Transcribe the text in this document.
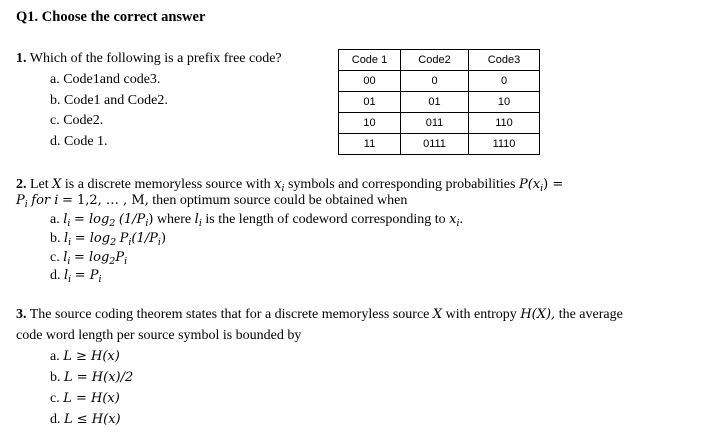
Q1. Choose the correct answer
1. Which of the following is a prefix free code?
a. Code1and code3.
b. Code1 and Code2.
c. Code2.
d. Code 1.
Code 1	Code2	Code3
00	0	0
01	01	10
10	011	110
11	0111	1110
2. Let X is a discrete memoryless source with $x_i$ symbols and corresponding probabilities $P(x_i)$ =
$P_i$ for i = 1,2, … , M, then optimum source could be obtained when
a. $l_i = \log_2 (1/P_i)$ where $l_i$ is the length of codeword corresponding to $x_i$.
b. $l_i = \log_2 P_i(1/P_i)$
c. $l_i = \log_2P_i$
d. $l_i = P_i$
3. The source coding theorem states that for a discrete memoryless source X with entropy H(X), the average
code word length per source symbol is bounded by
a. L ≥ H(x)
b. L = H(x)/2
c. L = H(x)
d. L ≤ H(x)
